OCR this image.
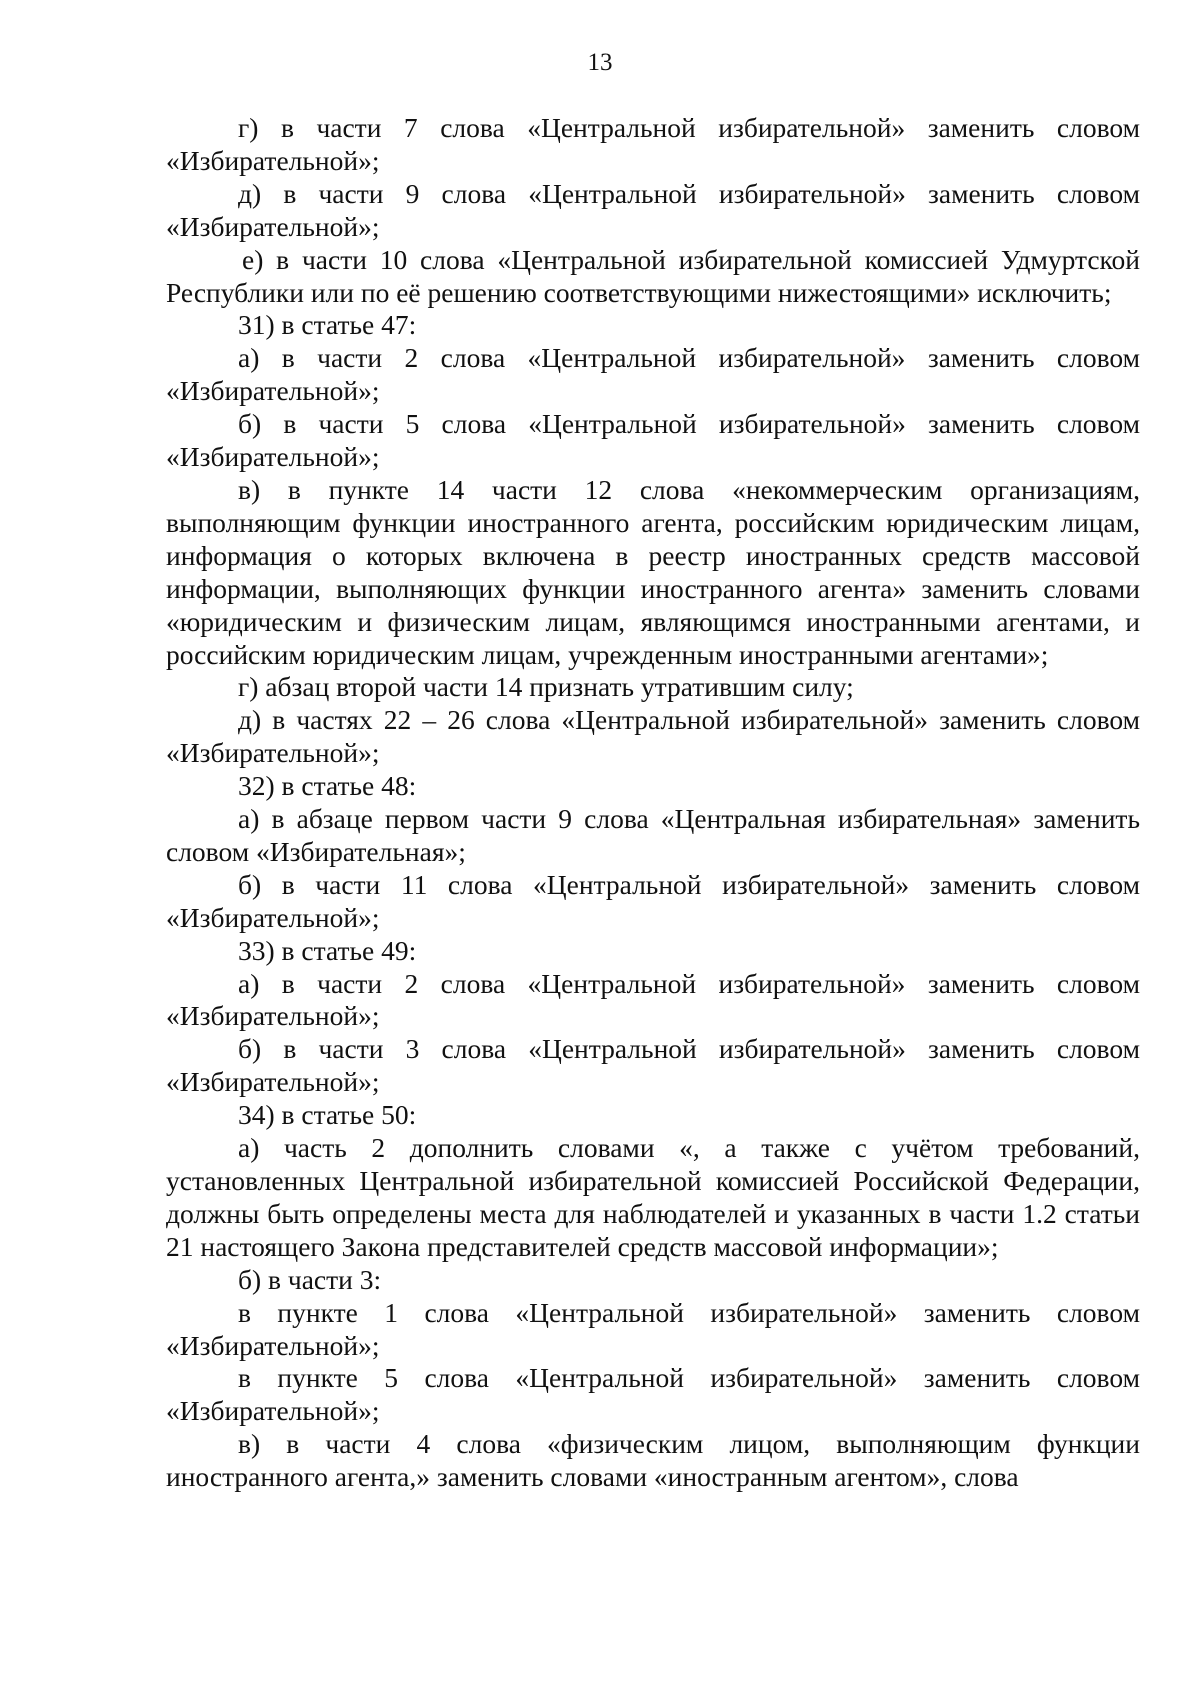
13

г) в части 7 слова «Центральной избирательной» заменить словом «Избирательной»;

д) в части 9 слова «Центральной избирательной» заменить словом «Избирательной»;

е) в части 10 слова «Центральной избирательной комиссией Удмуртской Республики или по её решению соответствующими нижестоящими» исключить;

31) в статье 47:

а) в части 2 слова «Центральной избирательной» заменить словом «Избирательной»;

б) в части 5 слова «Центральной избирательной» заменить словом «Избирательной»;

в) в пункте 14 части 12 слова «некоммерческим организациям, выполняющим функции иностранного агента, российским юридическим лицам, информация о которых включена в реестр иностранных средств массовой информации, выполняющих функции иностранного агента» заменить словами «юридическим и физическим лицам, являющимся иностранными агентами, и российским юридическим лицам, учрежденным иностранными агентами»;

г) абзац второй части 14 признать утратившим силу;

д) в частях 22 – 26 слова «Центральной избирательной» заменить словом «Избирательной»;

32) в статье 48:

а) в абзаце первом части 9 слова «Центральная избирательная» заменить словом «Избирательная»;

б) в части 11 слова «Центральной избирательной» заменить словом «Избирательной»;

33) в статье 49:

а) в части 2 слова «Центральной избирательной» заменить словом «Избирательной»;

б) в части 3 слова «Центральной избирательной» заменить словом «Избирательной»;

34) в статье 50:

а) часть 2 дополнить словами «, а также с учётом требований, установленных Центральной избирательной комиссией Российской Федерации, должны быть определены места для наблюдателей и указанных в части 1.2 статьи 21 настоящего Закона представителей средств массовой информации»;

б) в части 3:

в пункте 1 слова «Центральной избирательной» заменить словом «Избирательной»;

в пункте 5 слова «Центральной избирательной» заменить словом «Избирательной»;

в) в части 4 слова «физическим лицом, выполняющим функции иностранного агента,» заменить словами «иностранным агентом», слова
